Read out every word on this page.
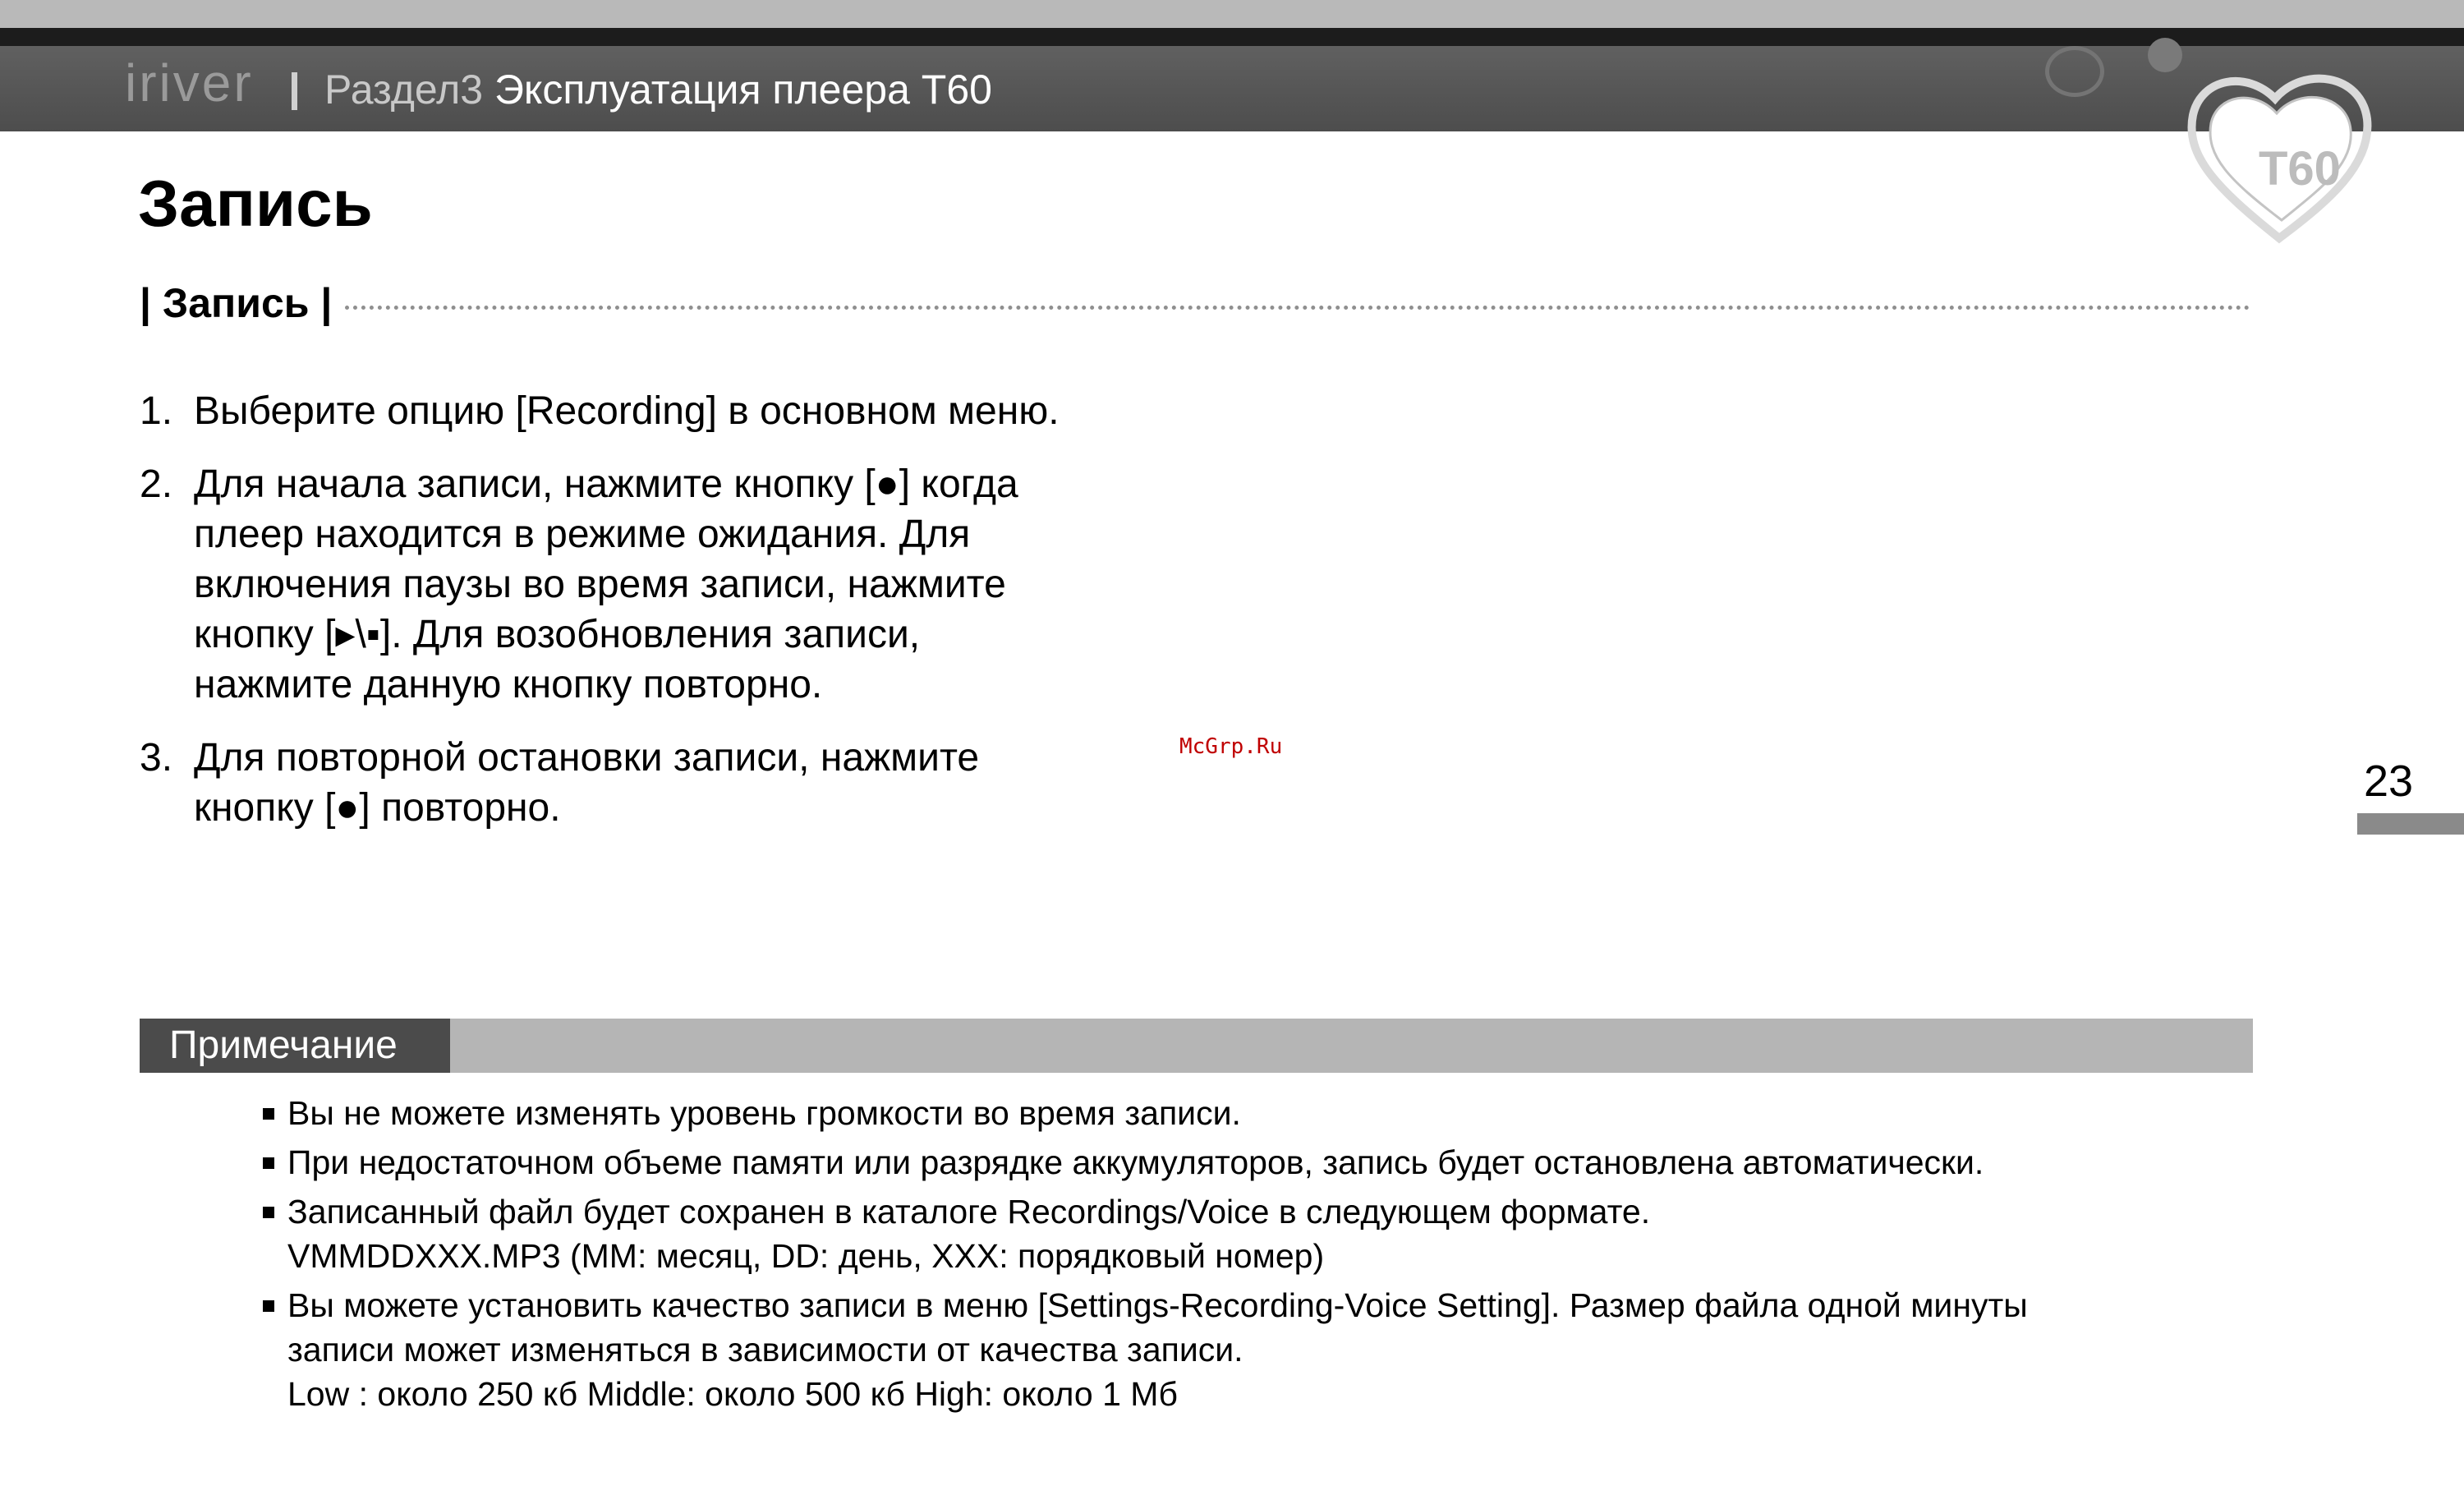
iriver Раздел3 Эксплуатация плеера T60
T60
Запись
| Запись |
1. Выберите опцию [Recording] в основном меню.
2. Для начала записи, нажмите кнопку [●] когда
плеер находится в режиме ожидания. Для
включения паузы во время записи, нажмите
кнопку [▸\▪]. Для возобновления записи,
нажмите данную кнопку повторно.
3. Для повторной остановки записи, нажмите
кнопку [●] повторно.
McGrp.Ru
23
Примечание
Вы не можете изменять уровень громкости во время записи.
При недостаточном объеме памяти или разрядке аккумуляторов, запись будет остановлена автоматически.
Записанный файл будет сохранен в каталоге Recordings/Voice в следующем формате.
VMMDDXXX.MP3 (MM: месяц, DD: день, XXX: порядковый номер)
Вы можете установить качество записи в меню [Settings-Recording-Voice Setting]. Размер файла одной минуты
записи может изменяться в зависимости от качества записи.
Low : около 250 кб Middle: около 500 кб High: около 1 Мб
